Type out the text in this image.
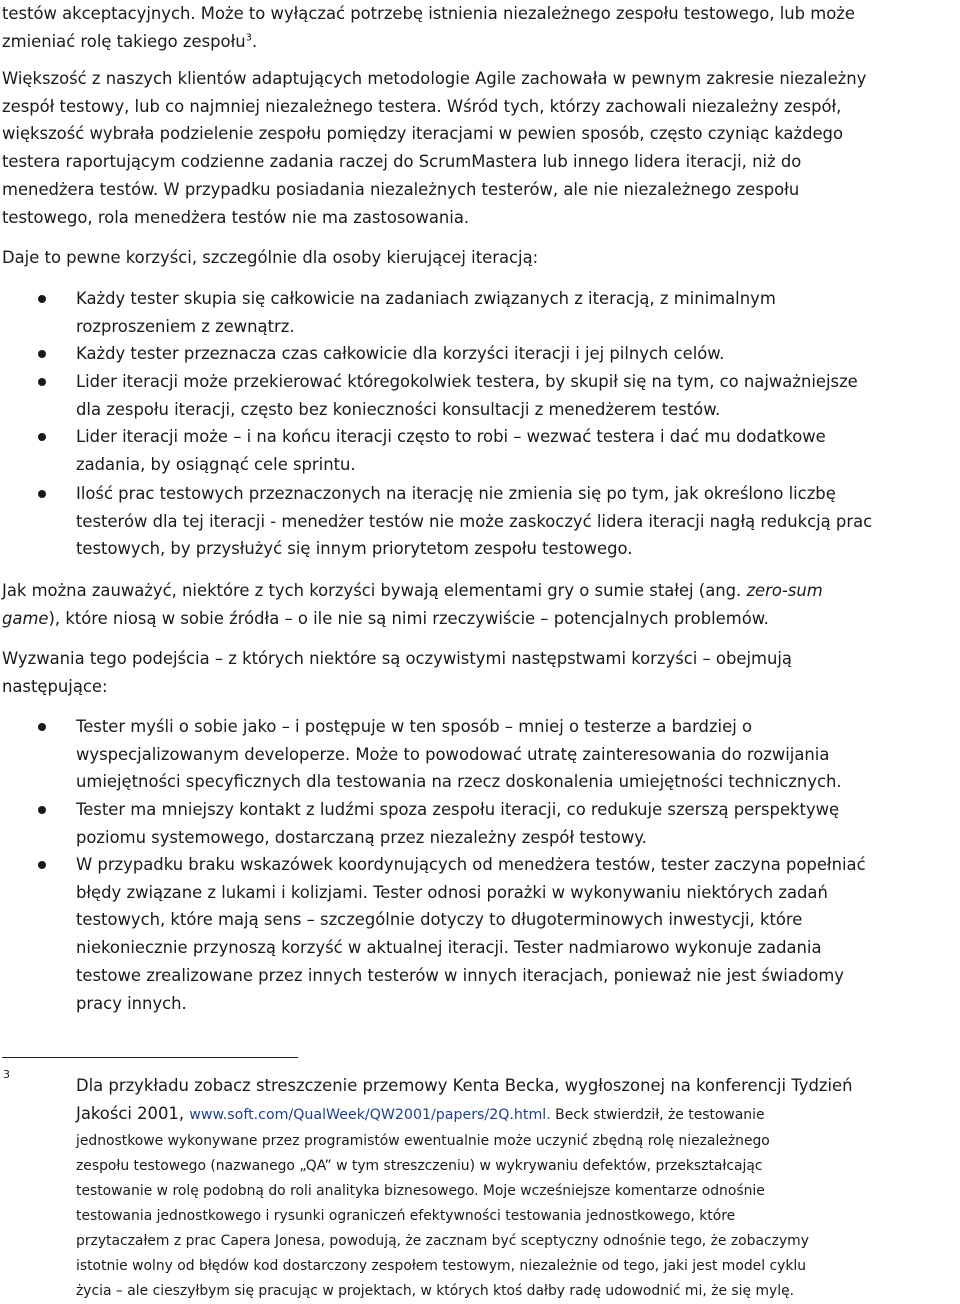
testów akceptacyjnych. Może to wyłączać potrzebę istnienia niezależnego zespołu testowego, lub może
zmieniać rolę takiego zespołu$^3$.

Większość z naszych klientów adaptujących metodologie Agile zachowała w pewnym zakresie niezależny
zespół testowy, lub co najmniej niezależnego testera. Wśród tych, którzy zachowali niezależny zespół,
większość wybrała podzielenie zespołu pomiędzy iteracjami w pewien sposób, często czyniąc każdego
testera raportującym codzienne zadania raczej do ScrumMastera lub innego lidera iteracji, niż do
menedżera testów. W przypadku posiadania niezależnych testerów, ale nie niezależnego zespołu
testowego, rola menedżera testów nie ma zastosowania.

Daje to pewne korzyści, szczególnie dla osoby kierującej iteracją:

Każdy tester skupia się całkowicie na zadaniach związanych z iteracją, z minimalnym
rozproszeniem z zewnątrz.
Każdy tester przeznacza czas całkowicie dla korzyści iteracji i jej pilnych celów.
Lider iteracji może przekierować któregokolwiek testera, by skupił się na tym, co najważniejsze
dla zespołu iteracji, często bez konieczności konsultacji z menedżerem testów.
Lider iteracji może – i na końcu iteracji często to robi – wezwać testera i dać mu dodatkowe
zadania, by osiągnąć cele sprintu.
Ilość prac testowych przeznaczonych na iterację nie zmienia się po tym, jak określono liczbę
testerów dla tej iteracji - menedżer testów nie może zaskoczyć lidera iteracji nagłą redukcją prac
testowych, by przysłużyć się innym priorytetom zespołu testowego.

Jak można zauważyć, niektóre z tych korzyści bywają elementami gry o sumie stałej (ang. zero-sum
game), które niosą w sobie źródła – o ile nie są nimi rzeczywiście – potencjalnych problemów.

Wyzwania tego podejścia – z których niektóre są oczywistymi następstwami korzyści – obejmują
następujące:

Tester myśli o sobie jako – i postępuje w ten sposób – mniej o testerze a bardziej o
wyspecjalizowanym developerze. Może to powodować utratę zainteresowania do rozwijania
umiejętności specyficznych dla testowania na rzecz doskonalenia umiejętności technicznych.
Tester ma mniejszy kontakt z ludźmi spoza zespołu iteracji, co redukuje szerszą perspektywę
poziomu systemowego, dostarczaną przez niezależny zespół testowy.
W przypadku braku wskazówek koordynujących od menedżera testów, tester zaczyna popełniać
błędy związane z lukami i kolizjami. Tester odnosi porażki w wykonywaniu niektórych zadań
testowych, które mają sens – szczególnie dotyczy to długoterminowych inwestycji, które
niekoniecznie przynoszą korzyść w aktualnej iteracji. Tester nadmiarowo wykonuje zadania
testowe zrealizowane przez innych testerów w innych iteracjach, ponieważ nie jest świadomy
pracy innych.
3
Dla przykładu zobacz streszczenie przemowy Kenta Becka, wygłoszonej na konferencji Tydzień
Jakości 2001, www.soft.com/QualWeek/QW2001/papers/2Q.html. Beck stwierdził, że testowanie
jednostkowe wykonywane przez programistów ewentualnie może uczynić zbędną rolę niezależnego
zespołu testowego (nazwanego „QA” w tym streszczeniu) w wykrywaniu defektów, przekształcając
testowanie w rolę podobną do roli analityka biznesowego. Moje wcześniejsze komentarze odnośnie
testowania jednostkowego i rysunki ograniczeń efektywności testowania jednostkowego, które
przytaczałem z prac Capera Jonesa, powodują, że zacznam być sceptyczny odnośnie tego, że zobaczymy
istotnie wolny od błędów kod dostarczony zespołem testowym, niezależnie od tego, jaki jest model cyklu
życia – ale cieszyłbym się pracując w projektach, w których ktoś dałby radę udowodnić mi, że się mylę.
